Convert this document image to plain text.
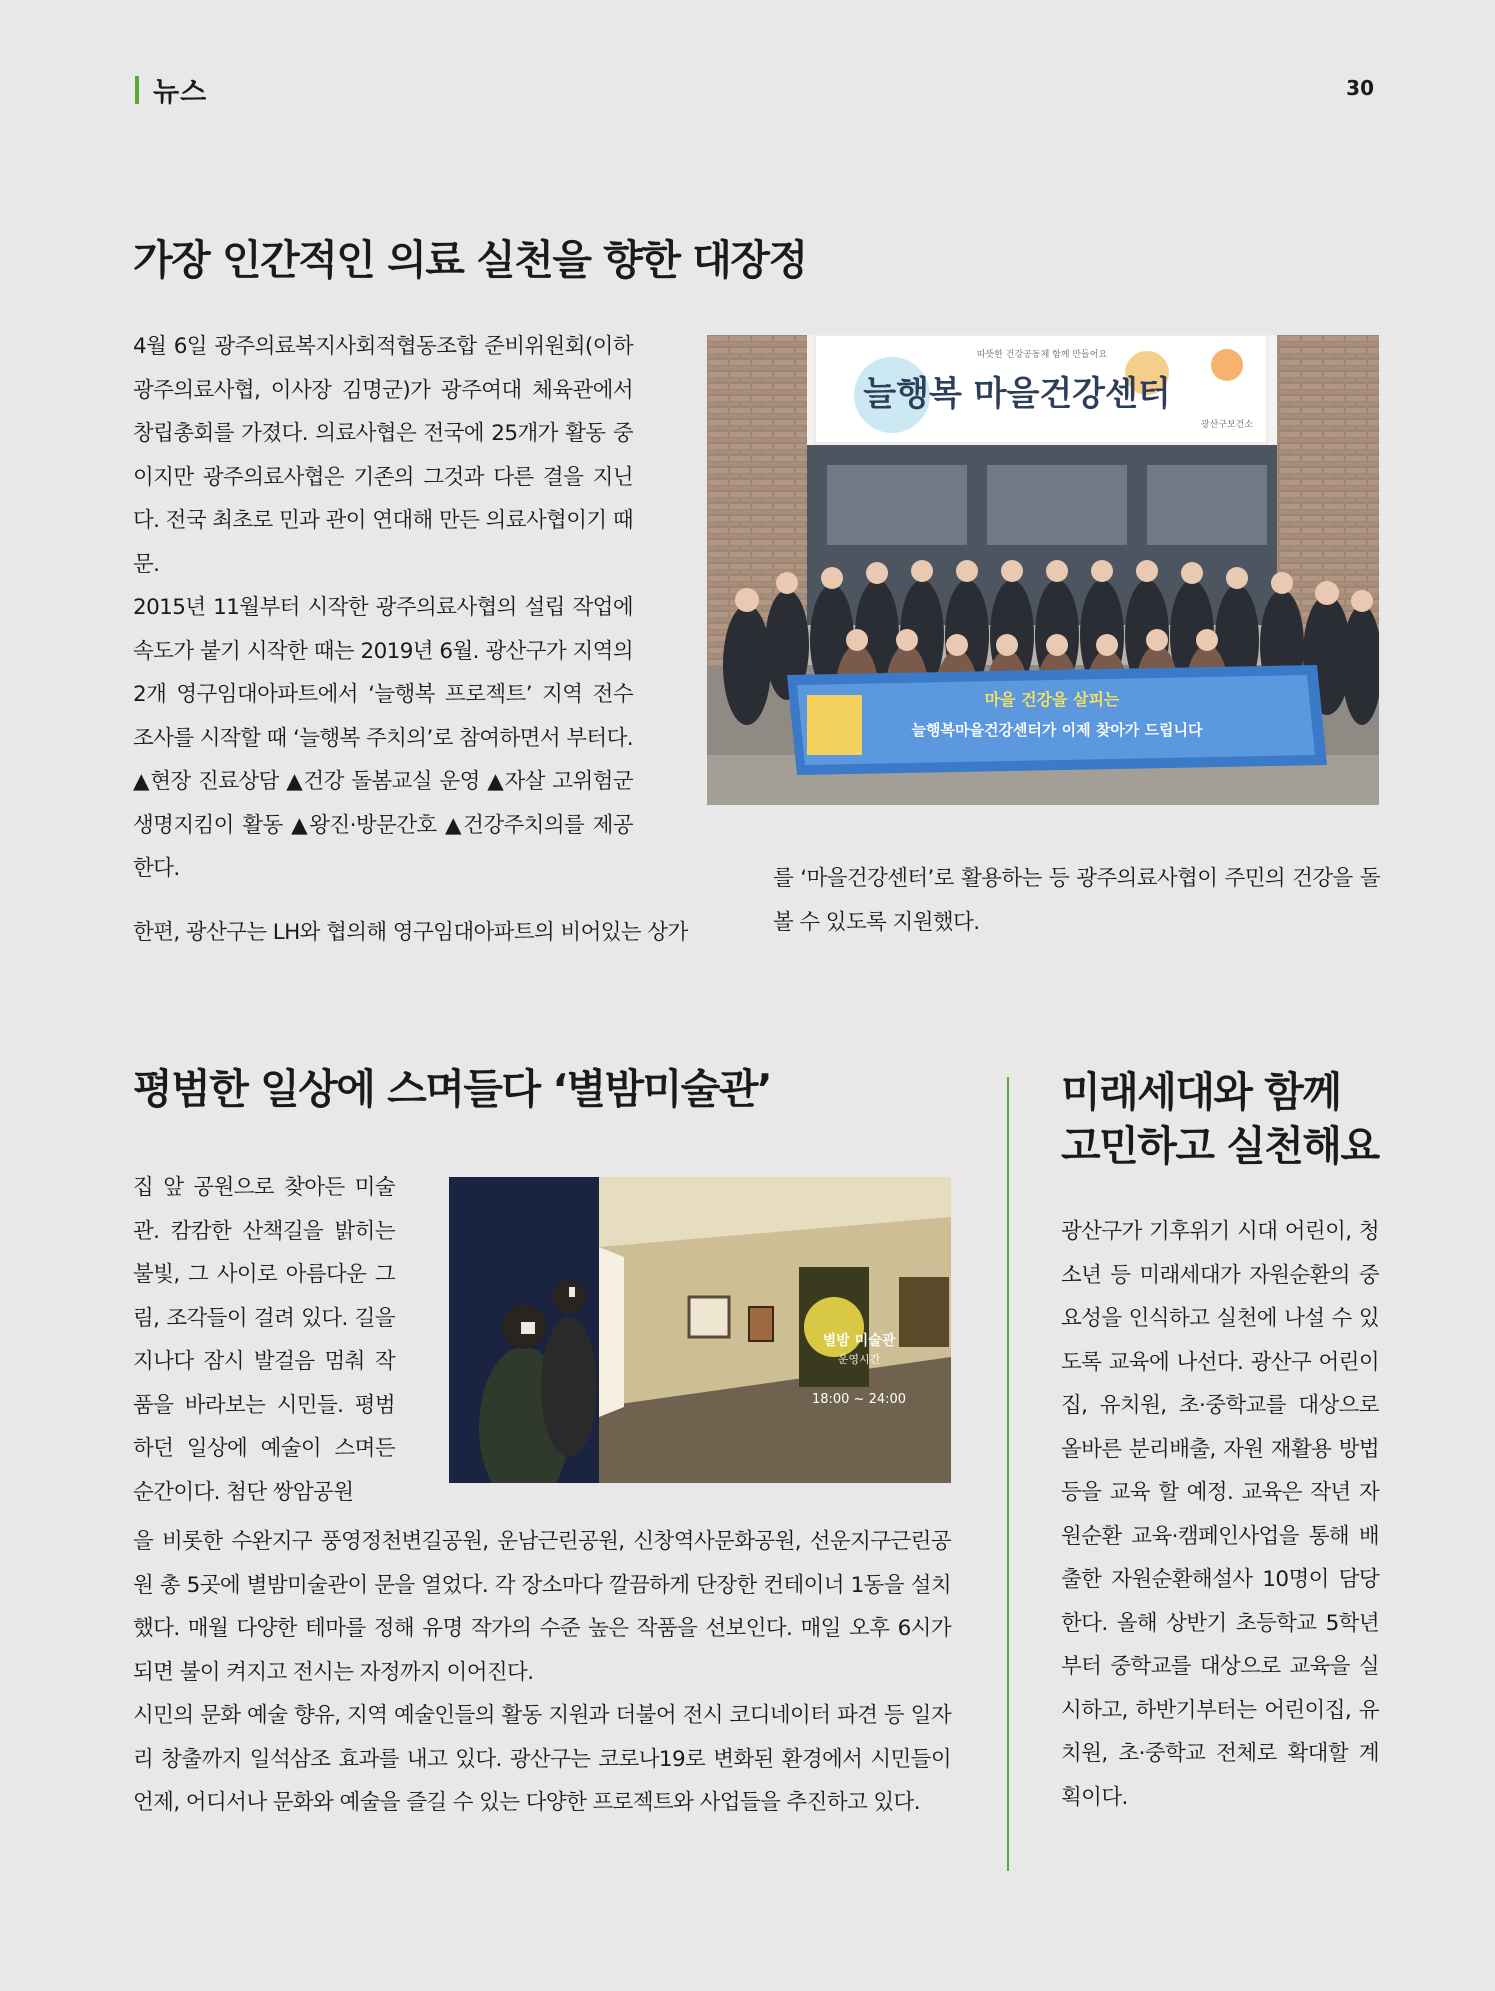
뉴스	30
가장 인간적인 의료 실천을 향한 대장정

4월 6일 광주의료복지사회적협동조합 준비위원회(이하 광주의료사협, 이사장 김명군)가 광주여대 체육관에서 창립총회를 가졌다. 의료사협은 전국에 25개가 활동 중이지만 광주의료사협은 기존의 그것과 다른 결을 지닌다. 전국 최초로 민과 관이 연대해 만든 의료사협이기 때문.
2015년 11월부터 시작한 광주의료사협의 설립 작업에 속도가 붙기 시작한 때는 2019년 6월. 광산구가 지역의 2개 영구임대아파트에서 ‘늘행복 프로젝트’ 지역 전수조사를 시작할 때 ‘늘행복 주치의’로 참여하면서 부터다. ▲현장 진료상담 ▲건강 돌봄교실 운영 ▲자살 고위험군 생명지킴이 활동 ▲왕진·방문간호 ▲건강주치의를 제공한다.

한편, 광산구는 LH와 협의해 영구임대아파트의 비어있는 상가

를 ‘마을건강센터’로 활용하는 등 광주의료사협이 주민의 건강을 돌볼 수 있도록 지원했다.

따뜻한 건강공동체 함께 만들어요
늘행복 마을건강센터
광산구보건소
마을 건강을 살피는
늘행복마을건강센터가 이제 찾아가 드립니다
평범한 일상에 스며들다 ‘별밤미술관’

집 앞 공원으로 찾아든 미술관. 캄캄한 산책길을 밝히는 불빛, 그 사이로 아름다운 그림, 조각들이 걸려 있다. 길을 지나다 잠시 발걸음 멈춰 작품을 바라보는 시민들. 평범하던 일상에 예술이 스며든 순간이다. 첨단 쌍암공원

을 비롯한 수완지구 풍영정천변길공원, 운남근린공원, 신창역사문화공원, 선운지구근린공원 총 5곳에 별밤미술관이 문을 열었다. 각 장소마다 깔끔하게 단장한 컨테이너 1동을 설치했다. 매월 다양한 테마를 정해 유명 작가의 수준 높은 작품을 선보인다. 매일 오후 6시가 되면 불이 켜지고 전시는 자정까지 이어진다.
시민의 문화 예술 향유, 지역 예술인들의 활동 지원과 더불어 전시 코디네이터 파견 등 일자리 창출까지 일석삼조 효과를 내고 있다. 광산구는 코로나19로 변화된 환경에서 시민들이 언제, 어디서나 문화와 예술을 즐길 수 있는 다양한 프로젝트와 사업들을 추진하고 있다.

별밤 미술관
운영시간
18:00 ~ 24:00
미래세대와 함께
고민하고 실천해요

광산구가 기후위기 시대 어린이, 청소년 등 미래세대가 자원순환의 중요성을 인식하고 실천에 나설 수 있도록 교육에 나선다. 광산구 어린이집, 유치원, 초·중학교를 대상으로 올바른 분리배출, 자원 재활용 방법 등을 교육 할 예정. 교육은 작년 자원순환 교육·캠페인사업을 통해 배출한 자원순환해설사 10명이 담당한다. 올해 상반기 초등학교 5학년부터 중학교를 대상으로 교육을 실시하고, 하반기부터는 어린이집, 유치원, 초·중학교 전체로 확대할 계획이다.
